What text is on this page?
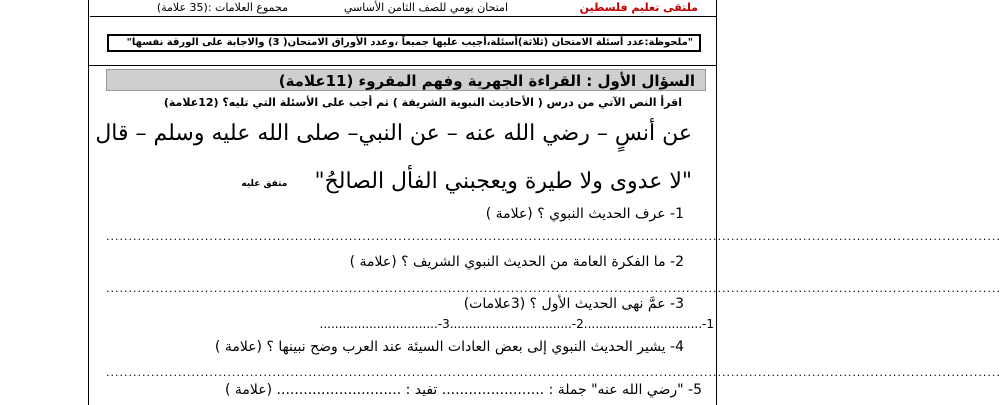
ملتقى تعليم فلسطين
امتحان يومي للصف الثامن الأساسي
مجموع العلامات :(35 علامة)
"ملحوظة:عدد أسئلة الامتحان (ثلاثة)أسئلة،أجيب عليها جميعاً ،وعدد الأوراق الامتحان( 3) والاجابة على الورقة نفسها"
السؤال الأول : القراءة الجهرية وفهم المقروء (11علامة)
اقرأ النص الآتي من درس ( الأحاديث النبوية الشريفة ) ثم أجب على الأسئلة التي تليه؟ (12علامة)
عن أنسٍ – رضي الله عنه – عن النبي– صلى الله عليه وسلم – قال
"لا عدوى ولا طيرة ويعجبني الفأل الصالحُ" متفق عليه
1- عرف الحديث النبوي ؟ (علامة )
.......................................................................................................................................................................................................
2- ما الفكرة العامة من الحديث النبوي الشريف ؟ (علامة )
.......................................................................................................................................................................................................
3- عمَّ نهى الحديث الأول ؟ (3علامات)
1-...............................2-................................3-...............................
4- يشير الحديث النبوي إلى بعض العادات السيئة عند العرب وضح نبينها ؟ (علامة )
.......................................................................................................................................................................................................
5- "رضي الله عنه" جملة : ....................... تفيد : ............................ (علامة )
